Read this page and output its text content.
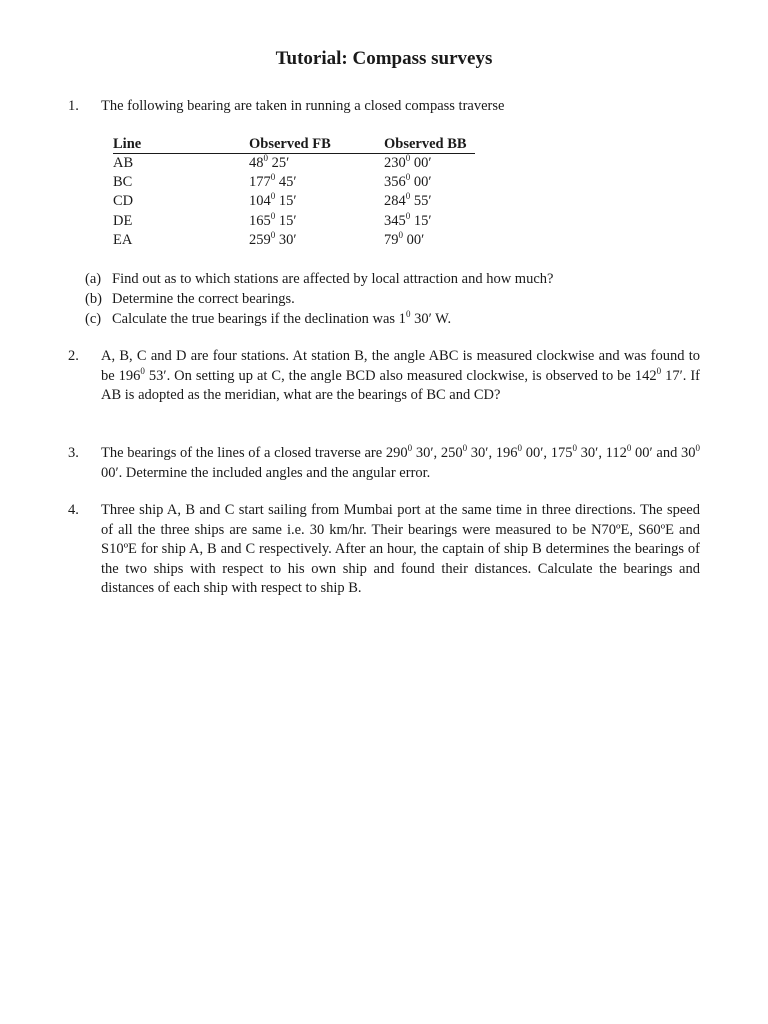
Tutorial: Compass surveys
1. The following bearing are taken in running a closed compass traverse
Line	Observed FB	Observed BB
AB	$48^0$ 25′	$230^0$ 00′
BC	$177^0$ 45′	$356^0$ 00′
CD	$104^0$ 15′	$284^0$ 55′
DE	$165^0$ 15′	$345^0$ 15′
EA	$259^0$ 30′	$79^0$ 00′
(a) Find out as to which stations are affected by local attraction and how much?
(b) Determine the correct bearings.
(c) Calculate the true bearings if the declination was $1^0$ 30′ W.
2. A, B, C and D are four stations. At station B, the angle ABC is measured clockwise and was found to be $196^0$ 53′. On setting up at C, the angle BCD also measured clockwise, is observed to be $142^0$ 17′. If AB is adopted as the meridian, what are the bearings of BC and CD?
3. The bearings of the lines of a closed traverse are $290^0$ 30′, $250^0$ 30′, $196^0$ 00′, $175^0$ 30′, $112^0$ 00′ and $30^0$ 00′. Determine the included angles and the angular error.
4. Three ship A, B and C start sailing from Mumbai port at the same time in three directions. The speed of all the three ships are same i.e. 30 km/hr. Their bearings were measured to be N70ºE, S60ºE and S10ºE for ship A, B and C respectively. After an hour, the captain of ship B determines the bearings of the two ships with respect to his own ship and found their distances. Calculate the bearings and distances of each ship with respect to ship B.
